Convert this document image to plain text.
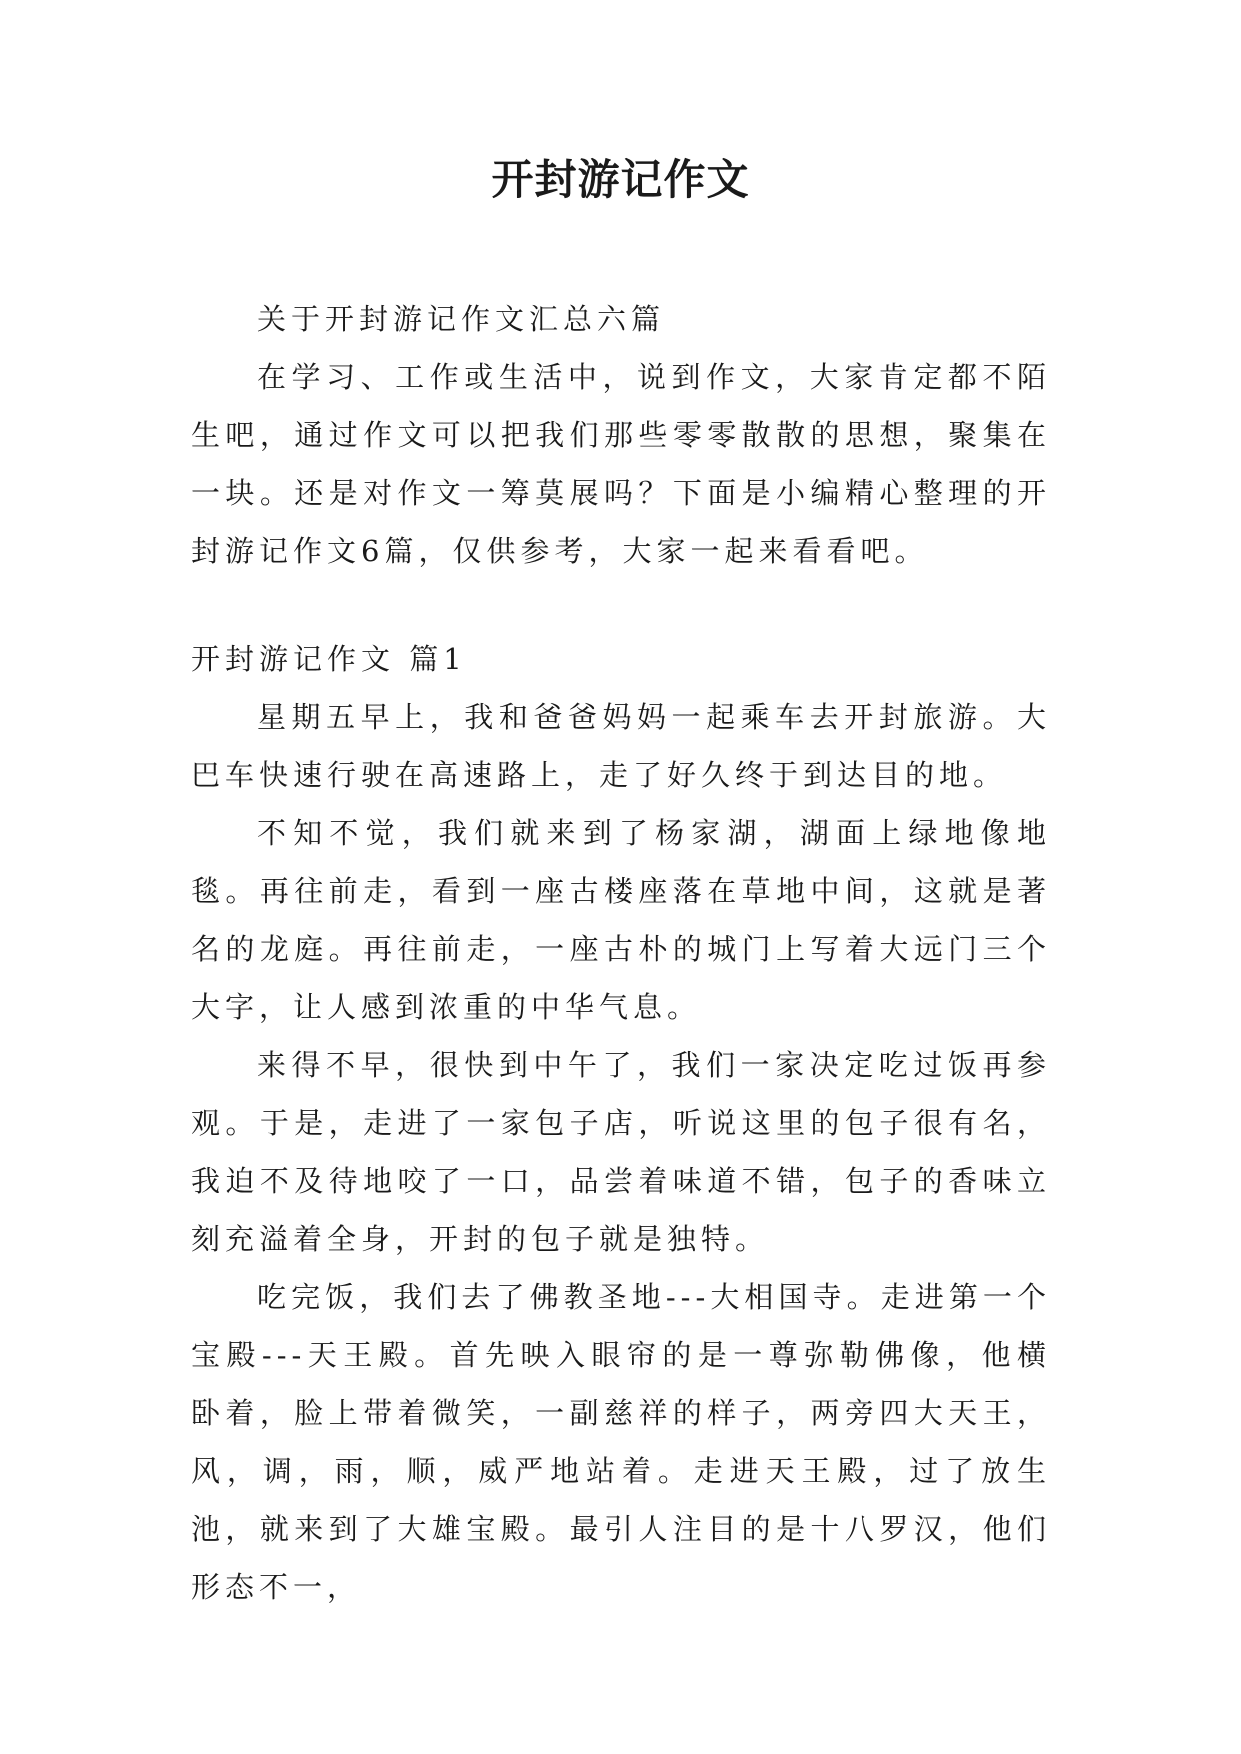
开封游记作文

关于开封游记作文汇总六篇

在学习、工作或生活中，说到作文，大家肯定都不陌生吧，通过作文可以把我们那些零零散散的思想，聚集在一块。还是对作文一筹莫展吗？下面是小编精心整理的开封游记作文6篇，仅供参考，大家一起来看看吧。

开封游记作文 篇1

星期五早上，我和爸爸妈妈一起乘车去开封旅游。大巴车快速行驶在高速路上，走了好久终于到达目的地。

不知不觉，我们就来到了杨家湖，湖面上绿地像地毯。再往前走，看到一座古楼座落在草地中间，这就是著名的龙庭。再往前走，一座古朴的城门上写着大远门三个大字，让人感到浓重的中华气息。

来得不早，很快到中午了，我们一家决定吃过饭再参观。于是，走进了一家包子店，听说这里的包子很有名，我迫不及待地咬了一口，品尝着味道不错，包子的香味立刻充溢着全身，开封的包子就是独特。

吃完饭，我们去了佛教圣地---大相国寺。走进第一个宝殿---天王殿。首先映入眼帘的是一尊弥勒佛像，他横卧着，脸上带着微笑，一副慈祥的样子，两旁四大天王，风，调，雨，顺，威严地站着。走进天王殿，过了放生池，就来到了大雄宝殿。最引人注目的是十八罗汉，他们形态不一，
